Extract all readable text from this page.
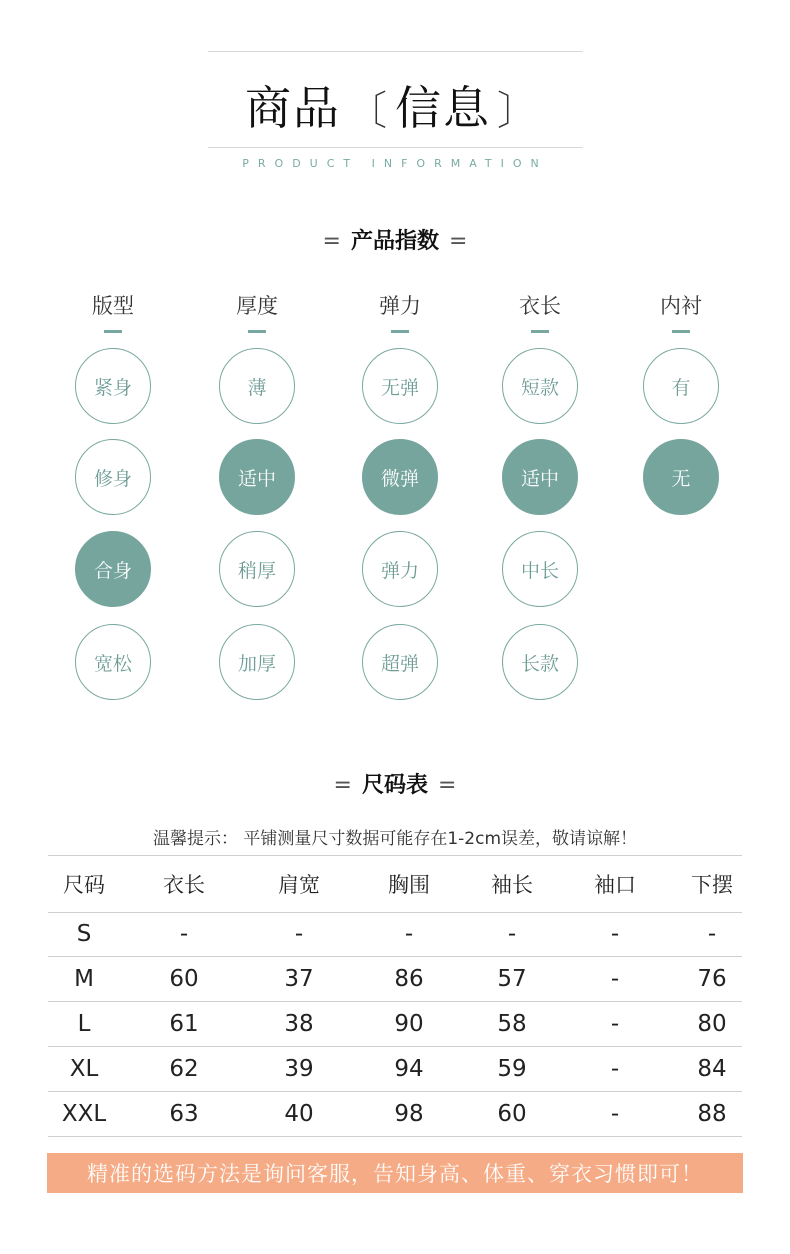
商品 〔 信息 〕
PRODUCT INFORMATION
= 产品指数 =
版型
紧身
修身
合身
宽松
厚度
薄
适中
稍厚
加厚
弹力
无弹
微弹
弹力
超弹
衣长
短款
适中
中长
长款
内衬
有
无
= 尺码表 =
温馨提示： 平铺测量尺寸数据可能存在1-2cm误差，敬请谅解！
尺码	衣长	肩宽	胸围	袖长	袖口	下摆
S	-	-	-	-	-	-
M	60	37	86	57	-	76
L	61	38	90	58	-	80
XL	62	39	94	59	-	84
XXL	63	40	98	60	-	88
精准的选码方法是询问客服，告知身高、体重、穿衣习惯即可！
